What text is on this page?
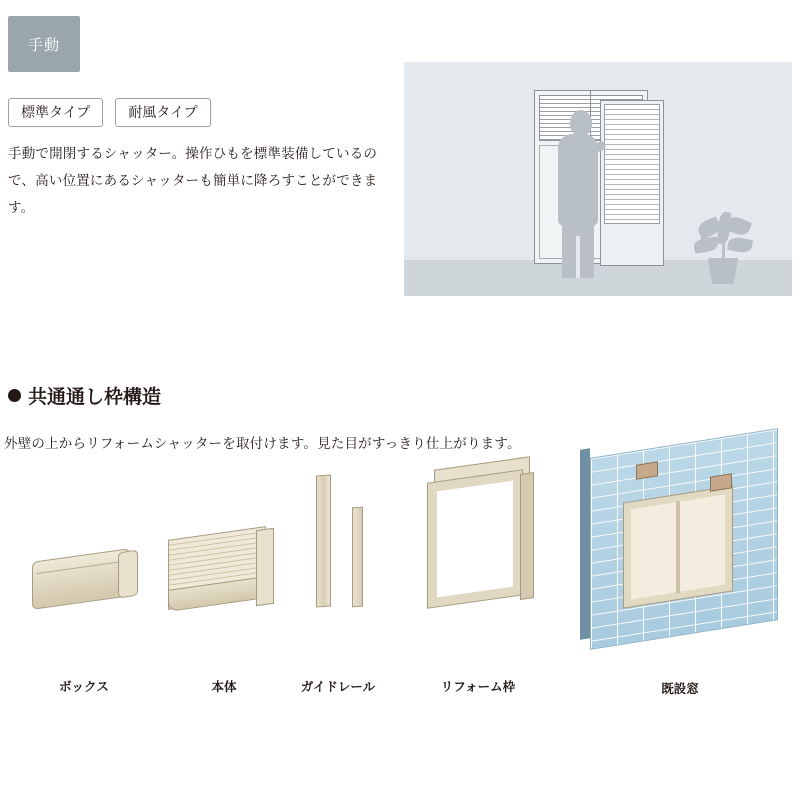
手動
標準タイプ	耐風タイプ
手動で開閉するシャッター。操作ひもを標準装備しているので、高い位置にあるシャッターも簡単に降ろすことができます。
共通通し枠構造
外壁の上からリフォームシャッターを取付けます。見た目がすっきり仕上がります。
ボックス	本体	ガイドレール	リフォーム枠	既設窓
